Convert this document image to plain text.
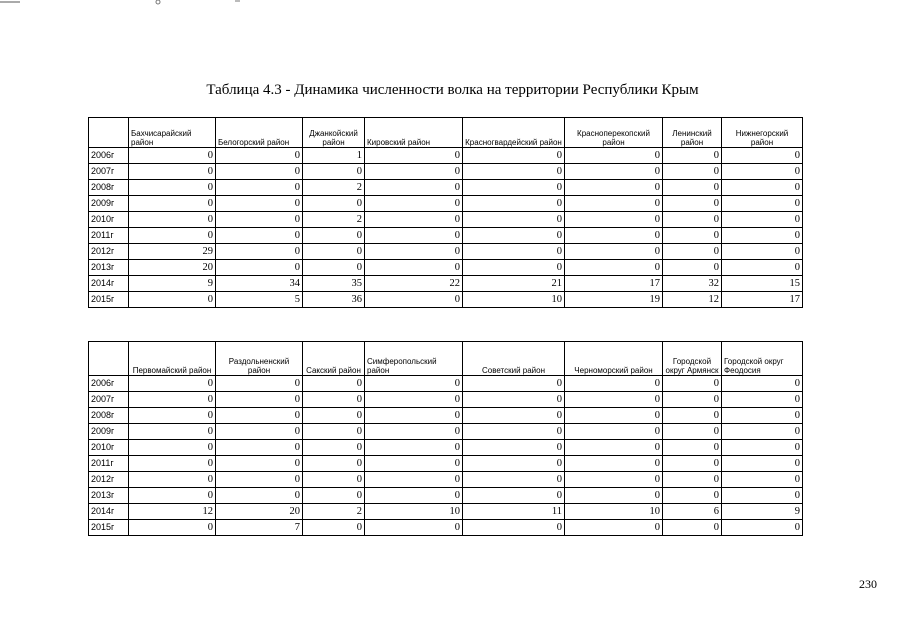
Таблица 4.3 - Динамика численности волка на территории Республики Крым
	Бахчисарайский район	Белогорский район	Джанкойский район	Кировский район	Красногвардейский район	Красноперекопский район	Ленинский район	Нижнегорский район
2006г	0	0	1	0	0	0	0	0
2007г	0	0	0	0	0	0	0	0
2008г	0	0	2	0	0	0	0	0
2009г	0	0	0	0	0	0	0	0
2010г	0	0	2	0	0	0	0	0
2011г	0	0	0	0	0	0	0	0
2012г	29	0	0	0	0	0	0	0
2013г	20	0	0	0	0	0	0	0
2014г	9	34	35	22	21	17	32	15
2015г	0	5	36	0	10	19	12	17
	Первомайский район	Раздольненский район	Сакский район	Симферопольский район	Советский район	Черноморский район	Городской округ Армянск	Городской округ Феодосия
2006г	0	0	0	0	0	0	0	0
2007г	0	0	0	0	0	0	0	0
2008г	0	0	0	0	0	0	0	0
2009г	0	0	0	0	0	0	0	0
2010г	0	0	0	0	0	0	0	0
2011г	0	0	0	0	0	0	0	0
2012г	0	0	0	0	0	0	0	0
2013г	0	0	0	0	0	0	0	0
2014г	12	20	2	10	11	10	6	9
2015г	0	7	0	0	0	0	0	0
230
